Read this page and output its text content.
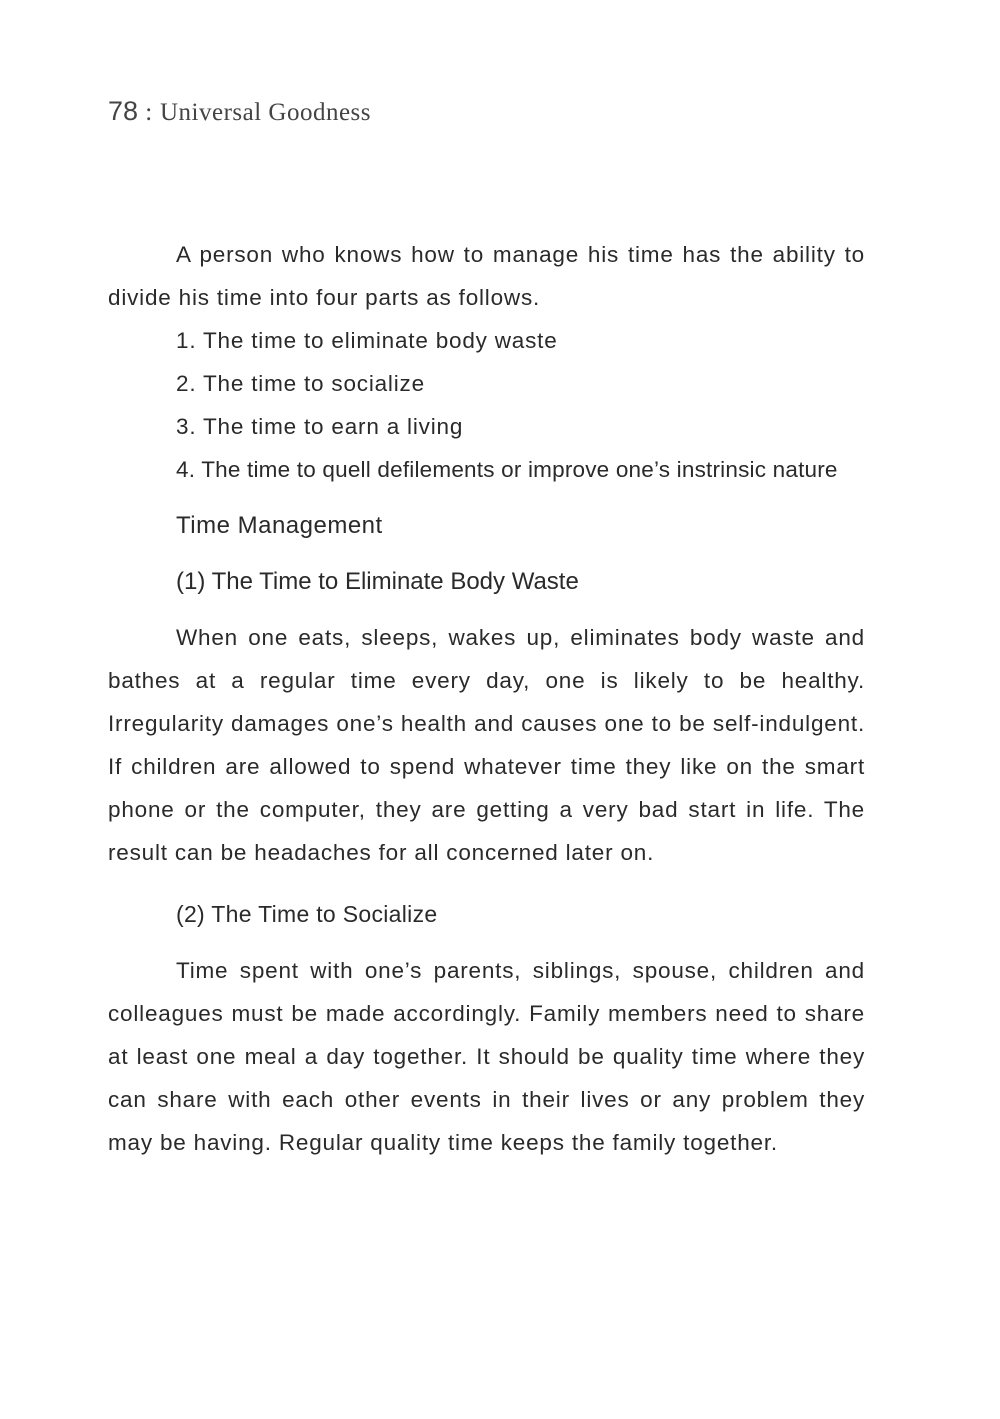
78 : Universal Goodness

A person who knows how to manage his time has the ability to divide his time into four parts as follows.

1. The time to eliminate body waste

2. The time to socialize

3. The time to earn a living

4. The time to quell defilements or improve one’s instrinsic nature

Time Management

(1) The Time to Eliminate Body Waste

When one eats, sleeps, wakes up, eliminates body waste and bathes at a regular time every day, one is likely to be healthy. Irregularity damages one’s health and causes one to be self-indulgent. If children are allowed to spend whatever time they like on the smart phone or the computer, they are getting a very bad start in life. The result can be headaches for all concerned later on.

(2) The Time to Socialize

Time spent with one’s parents, siblings, spouse, children and colleagues must be made accordingly. Family members need to share at least one meal a day together. It should be quality time where they can share with each other events in their lives or any problem they may be having. Regular quality time keeps the family together.
